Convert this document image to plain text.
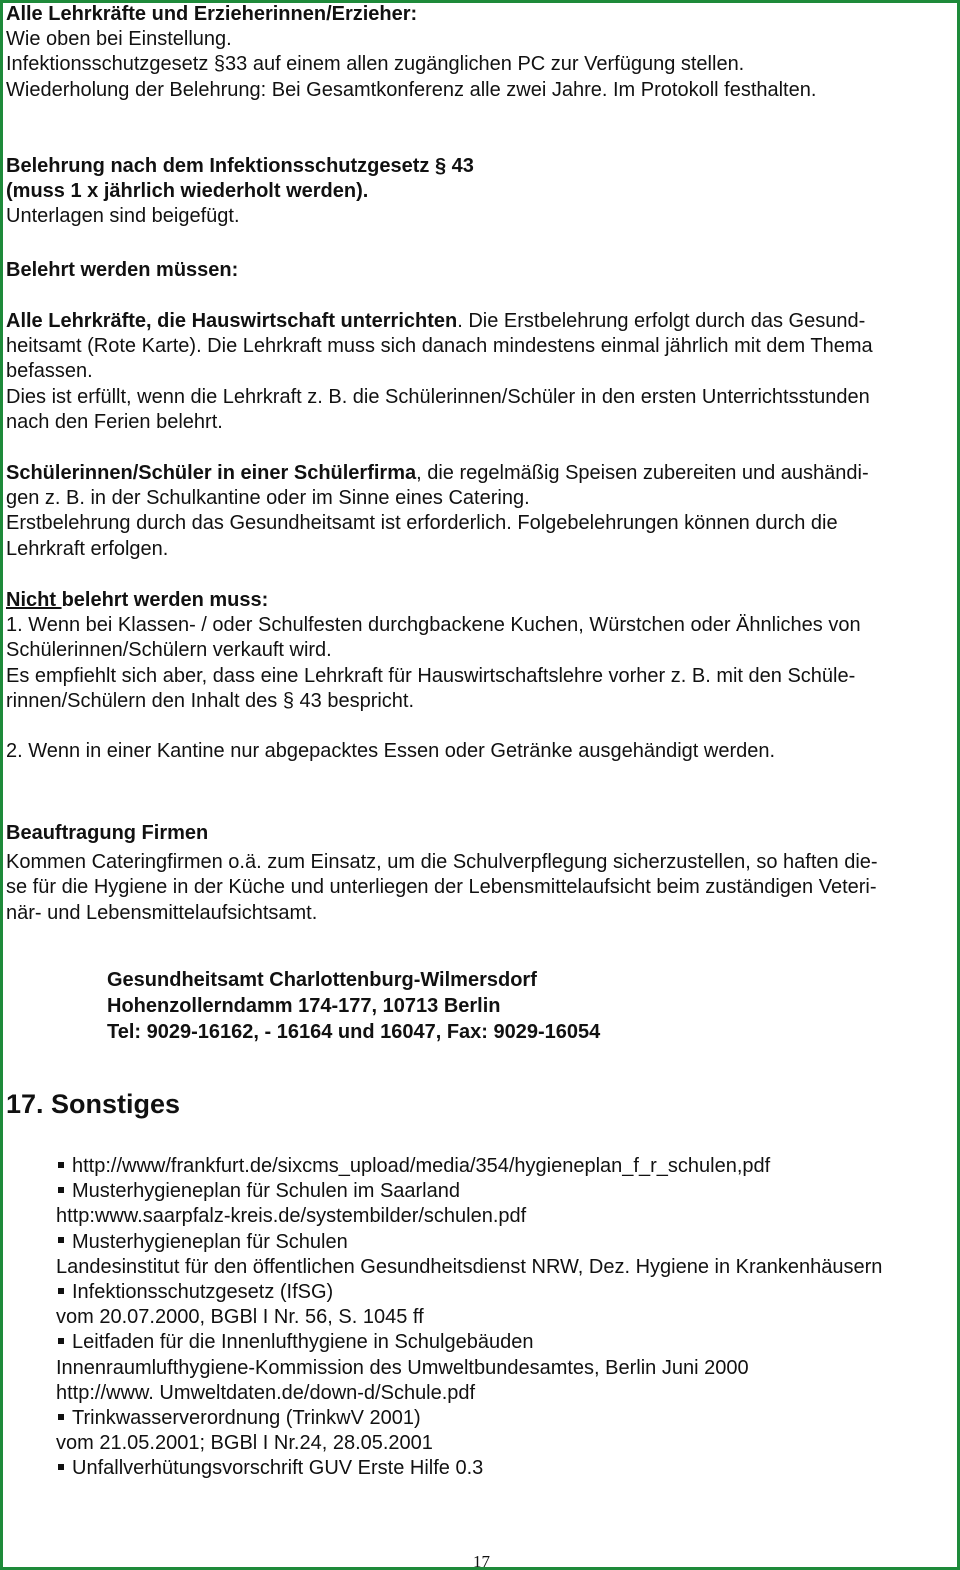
Alle Lehrkräfte und Erzieherinnen/Erzieher:
Wie oben bei Einstellung.
Infektionsschutzgesetz §33 auf einem allen zugänglichen PC zur Verfügung stellen.
Wiederholung der Belehrung: Bei Gesamtkonferenz alle zwei Jahre. Im Protokoll festhalten.
Belehrung nach dem Infektionsschutzgesetz § 43
(muss 1 x jährlich wiederholt werden).
Unterlagen sind beigefügt.
Belehrt werden müssen:
Alle Lehrkräfte, die Hauswirtschaft unterrichten. Die Erstbelehrung erfolgt durch das Gesund-
heitsamt (Rote Karte). Die Lehrkraft muss sich danach mindestens einmal jährlich mit dem Thema
befassen.
Dies ist erfüllt, wenn die Lehrkraft z. B. die Schülerinnen/Schüler in den ersten Unterrichtsstunden
nach den Ferien belehrt.
Schülerinnen/Schüler in einer Schülerfirma, die regelmäßig Speisen zubereiten und aushändi-
gen z. B. in der Schulkantine oder im Sinne eines Catering.
Erstbelehrung durch das Gesundheitsamt ist erforderlich. Folgebelehrungen können durch die
Lehrkraft erfolgen.
Nicht belehrt werden muss:
1. Wenn bei Klassen- / oder Schulfesten durchgbackene Kuchen, Würstchen oder Ähnliches von
Schülerinnen/Schülern verkauft wird.
Es empfiehlt sich aber, dass eine Lehrkraft für Hauswirtschaftslehre vorher z. B. mit den Schüle-
rinnen/Schülern den Inhalt des § 43 bespricht.
2. Wenn in einer Kantine nur abgepacktes Essen oder Getränke ausgehändigt werden.
Beauftragung Firmen
Kommen Cateringfirmen o.ä. zum Einsatz, um die Schulverpflegung sicherzustellen, so haften die-
se für die Hygiene in der Küche und unterliegen der Lebensmittelaufsicht beim zuständigen Veteri-
när- und Lebensmittelaufsichtsamt.
Gesundheitsamt Charlottenburg-Wilmersdorf
Hohenzollerndamm 174-177, 10713 Berlin
Tel: 9029-16162, - 16164 und 16047, Fax: 9029-16054
17. Sonstiges
http://www/frankfurt.de/sixcms_upload/media/354/hygieneplan_f_r_schulen,pdf
Musterhygieneplan für Schulen im Saarland
http:www.saarpfalz-kreis.de/systembilder/schulen.pdf
Musterhygieneplan für Schulen
Landesinstitut für den öffentlichen Gesundheitsdienst NRW, Dez. Hygiene in Krankenhäusern
Infektionsschutzgesetz (IfSG)
vom 20.07.2000, BGBl I Nr. 56, S. 1045 ff
Leitfaden für die Innenlufthygiene in Schulgebäuden
Innenraumlufthygiene-Kommission des Umweltbundesamtes, Berlin Juni 2000
http://www. Umweltdaten.de/down-d/Schule.pdf
Trinkwasserverordnung (TrinkwV 2001)
vom 21.05.2001; BGBl I Nr.24, 28.05.2001
Unfallverhütungsvorschrift GUV Erste Hilfe 0.3
17
